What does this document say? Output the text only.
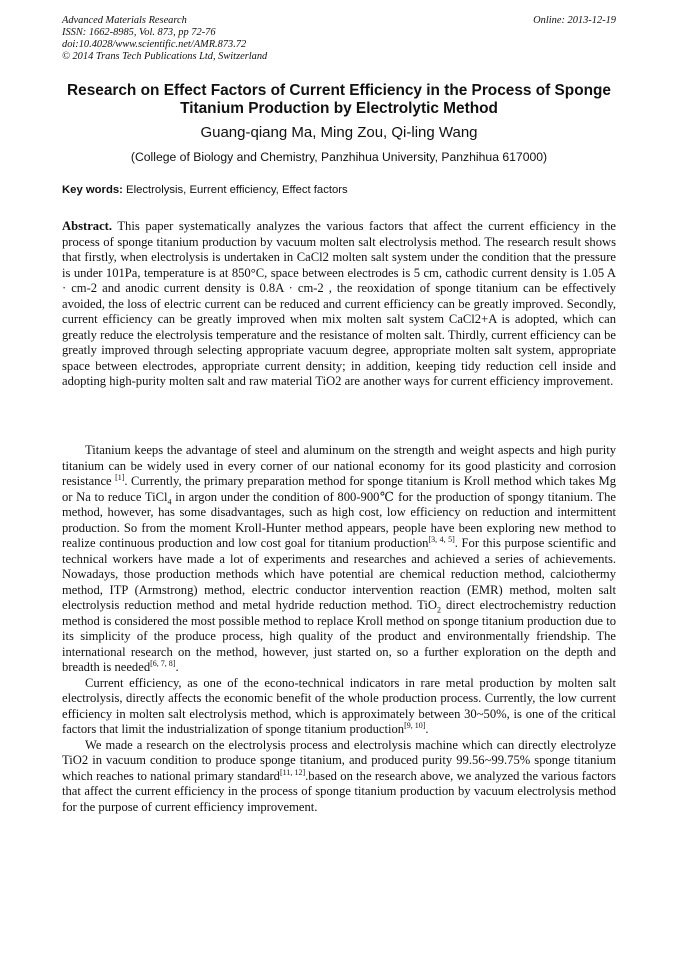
Advanced Materials Research
ISSN: 1662-8985, Vol. 873, pp 72-76
doi:10.4028/www.scientific.net/AMR.873.72
© 2014 Trans Tech Publications Ltd, Switzerland
Online: 2013-12-19
Research on Effect Factors of Current Efficiency in the Process of Sponge Titanium Production by Electrolytic Method
Guang-qiang Ma, Ming Zou, Qi-ling Wang
(College of Biology and Chemistry, Panzhihua University, Panzhihua 617000)
Key words: Electrolysis, Eurrent efficiency, Effect factors

Abstract. This paper systematically analyzes the various factors that affect the current efficiency in the process of sponge titanium production by vacuum molten salt electrolysis method. The research result shows that firstly, when electrolysis is undertaken in CaCl2 molten salt system under the condition that the pressure is under 101Pa, temperature is at 850°C, space between electrodes is 5 cm, cathodic current density is 1.05 A · cm-2 and anodic current density is 0.8A · cm-2 , the reoxidation of sponge titanium can be effectively avoided, the loss of electric current can be reduced and current efficiency can be greatly improved. Secondly, current efficiency can be greatly improved when mix molten salt system CaCl2+A is adopted, which can greatly reduce the electrolysis temperature and the resistance of molten salt. Thirdly, current efficiency can be greatly improved through selecting appropriate vacuum degree, appropriate molten salt system, appropriate space between electrodes, appropriate current density; in addition, keeping tidy reduction cell inside and adopting high-purity molten salt and raw material TiO2 are another ways for current efficiency improvement.

Titanium keeps the advantage of steel and aluminum on the strength and weight aspects and high purity titanium can be widely used in every corner of our national economy for its good plasticity and corrosion resistance [1]. Currently, the primary preparation method for sponge titanium is Kroll method which takes Mg or Na to reduce TiCl$_4$ in argon under the condition of 800-900℃ for the production of spongy titanium. The method, however, has some disadvantages, such as high cost, low efficiency on reduction and intermittent production. So from the moment Kroll-Hunter method appears, people have been exploring new method to realize continuous production and low cost goal for titanium production[3, 4, 5]. For this purpose scientific and technical workers have made a lot of experiments and researches and achieved a series of achievements. Nowadays, those production methods which have potential are chemical reduction method, calciothermy method, ITP (Armstrong) method, electric conductor intervention reaction (EMR) method, molten salt electrolysis reduction method and metal hydride reduction method. TiO$_2$ direct electrochemistry reduction method is considered the most possible method to replace Kroll method on sponge titanium production due to its simplicity of the produce process, high quality of the product and environmentally friendship. The international research on the method, however, just started on, so a further exploration on the depth and breadth is needed[6, 7, 8].

Current efficiency, as one of the econo-technical indicators in rare metal production by molten salt electrolysis, directly affects the economic benefit of the whole production process. Currently, the low current efficiency in molten salt electrolysis method, which is approximately between 30~50%, is one of the critical factors that limit the industrialization of sponge titanium production[9, 10].

We made a research on the electrolysis process and electrolysis machine which can directly electrolyze TiO2 in vacuum condition to produce sponge titanium, and produced purity 99.56~99.75% sponge titanium which reaches to national primary standard[11, 12].based on the research above, we analyzed the various factors that affect the current efficiency in the process of sponge titanium production by vacuum electrolysis method for the purpose of current efficiency improvement.
